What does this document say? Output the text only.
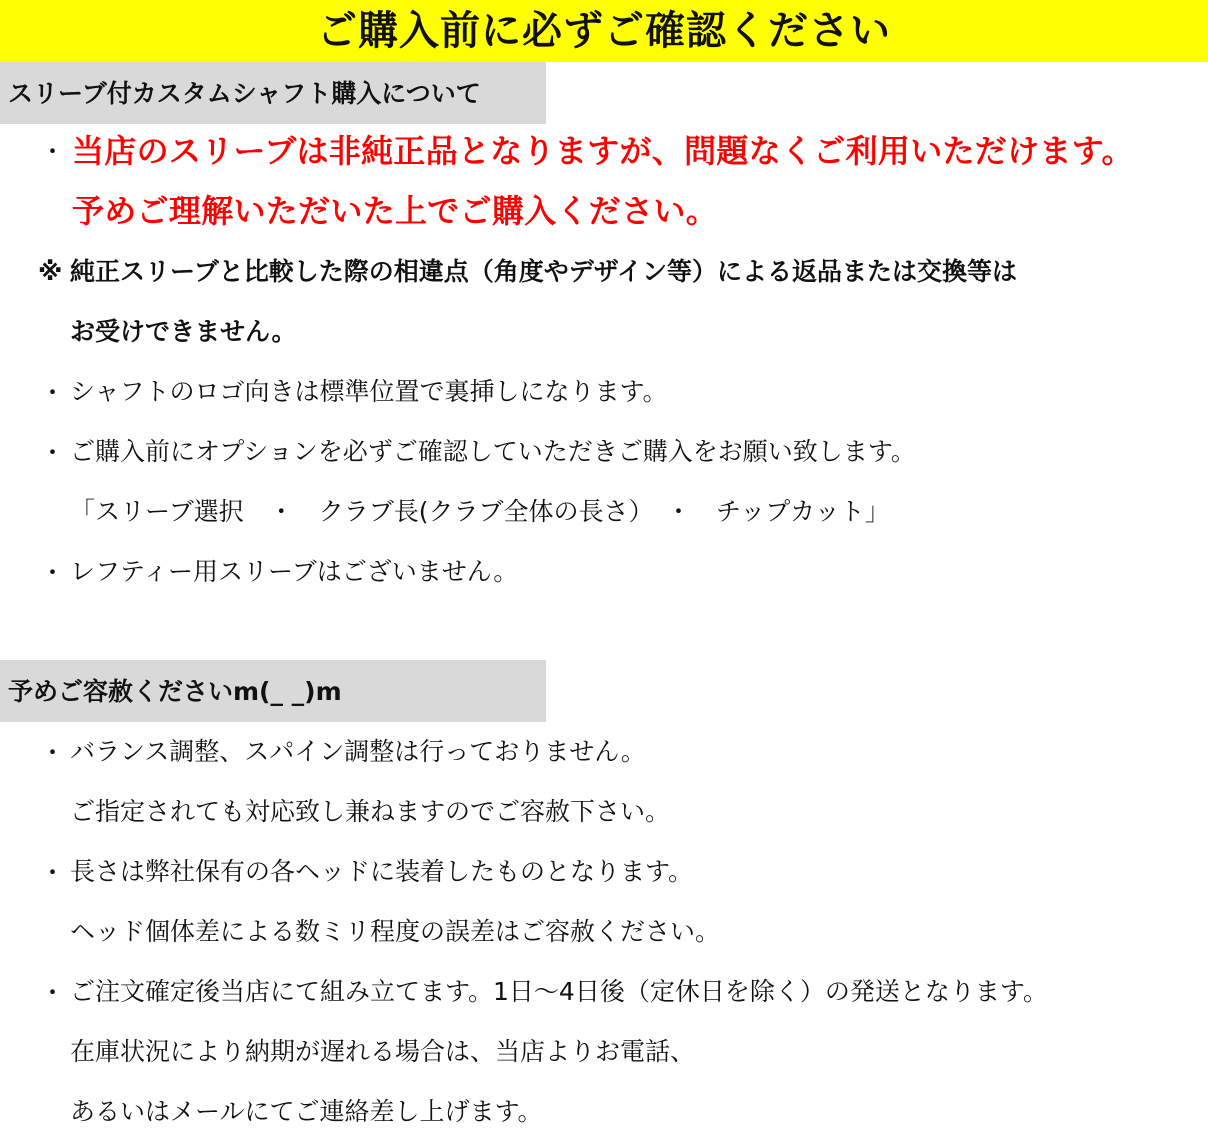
ご購入前に必ずご確認ください
スリーブ付カスタムシャフト購入について
・ 当店のスリーブは非純正品となりますが、問題なくご利用いただけます。
予めご理解いただいた上でご購入ください。
※ 純正スリーブと比較した際の相違点（角度やデザイン等）による返品または交換等は
お受けできません。
・ シャフトのロゴ向きは標準位置で裏挿しになります。
・ ご購入前にオプションを必ずご確認していただきご購入をお願い致します。
「スリーブ選択　・　クラブ長(クラブ全体の長さ）　・　チップカット」
・ レフティー用スリーブはございません。
予めご容赦くださいm(_ _)m
・ バランス調整、スパイン調整は行っておりません。
ご指定されても対応致し兼ねますのでご容赦下さい。
・ 長さは弊社保有の各ヘッドに装着したものとなります。
ヘッド個体差による数ミリ程度の誤差はご容赦ください。
・ ご注文確定後当店にて組み立てます。1日～4日後（定休日を除く）の発送となります。
在庫状況により納期が遅れる場合は、当店よりお電話、
あるいはメールにてご連絡差し上げます。
